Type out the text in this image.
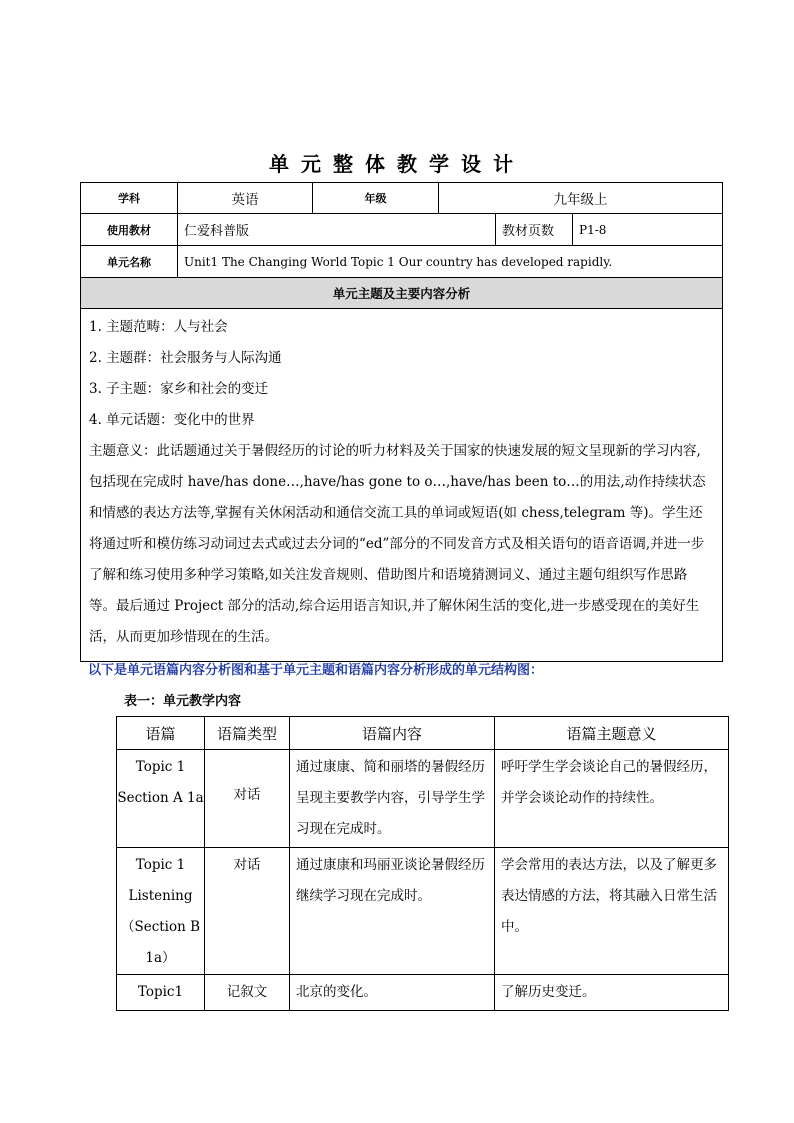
单元整体教学设计
学科	英语	年级	九年级上		
使用教材	仁爱科普版			教材页数	P1-8
单元名称	Unit1 The Changing World Topic 1 Our country has developed rapidly.				
单元主题及主要内容分析					

1. 主题范畴：人与社会

2. 主题群：社会服务与人际沟通

3. 子主题：家乡和社会的变迁

4. 单元话题：变化中的世界

主题意义：此话题通过关于暑假经历的讨论的听力材料及关于国家的快速发展的短文呈现新的学习内容,包括现在完成时 have/has done…,have/has gone to o…,have/has been to…的用法,动作持续状态和情感的表达方法等,掌握有关休闲活动和通信交流工具的单词或短语(如 chess,telegram 等)。学生还将通过听和模仿练习动词过去式或过去分词的“ed”部分的不同发音方式及相关语句的语音语调,并进一步了解和练习使用多种学习策略,如关注发音规则、借助图片和语境猜测词义、通过主题句组织写作思路等。最后通过 Project 部分的活动,综合运用语言知识,并了解休闲生活的变化,进一步感受现在的美好生活，从而更加珍惜现在的生活。					

以下是单元语篇内容分析图和基于单元主题和语篇内容分析形成的单元结构图：
表一：单元教学内容
语篇	语篇类型	语篇内容	语篇主题意义

Topic 1
Section A 1a	对话	通过康康、简和丽塔的暑假经历呈现主要教学内容，引导学生学习现在完成时。	呼吁学生学会谈论自己的暑假经历，并学会谈论动作的持续性。

Topic 1
Listening
（Section B 1a）	对话	通过康康和玛丽亚谈论暑假经历继续学习现在完成时。	学会常用的表达方法，以及了解更多表达情感的方法，将其融入日常生活中。

Topic1	记叙文	北京的变化。	了解历史变迁。
